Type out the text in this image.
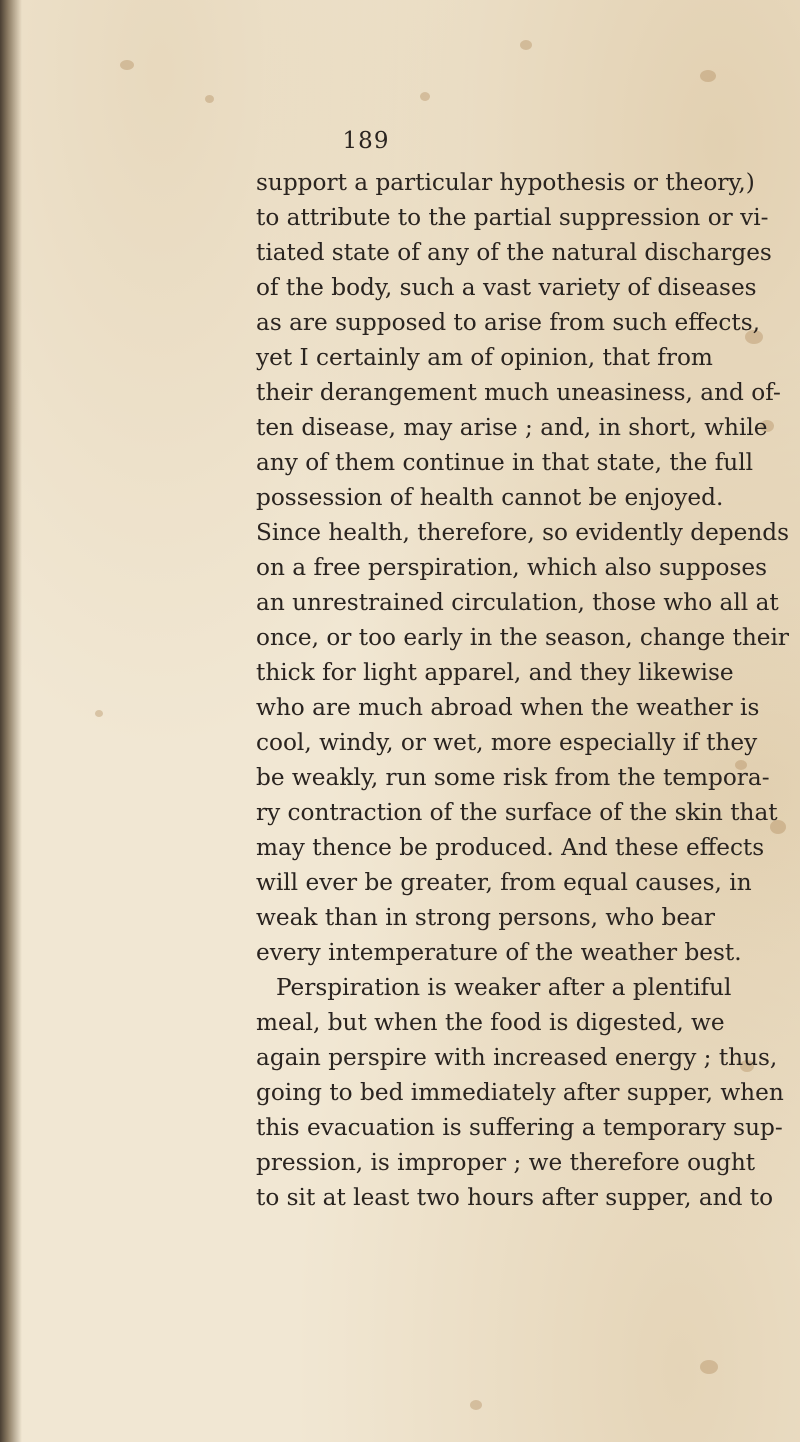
189
support a particular hypothesis or theory,)
to attribute to the partial suppression or vi-
tiated state of any of the natural discharges
of the body, such a vast variety of diseases
as are supposed to arise from such effects,
yet I certainly am of opinion, that from
their derangement much uneasiness, and of-
ten disease, may arise ; and, in short, while
any of them continue in that state, the full
possession of health cannot be enjoyed.
Since health, therefore, so evidently depends
on a free perspiration, which also supposes
an unrestrained circulation, those who all at
once, or too early in the season, change their
thick for light apparel, and they likewise
who are much abroad when the weather is
cool, windy, or wet, more especially if they
be weakly, run some risk from the tempora-
ry contraction of the surface of the skin that
may thence be produced. And these effects
will ever be greater, from equal causes, in
weak than in strong persons, who bear
every intemperature of the weather best.
Perspiration is weaker after a plentiful
meal, but when the food is digested, we
again perspire with increased energy ; thus,
going to bed immediately after supper, when
this evacuation is suffering a temporary sup-
pression, is improper ; we therefore ought
to sit at least two hours after supper, and to
